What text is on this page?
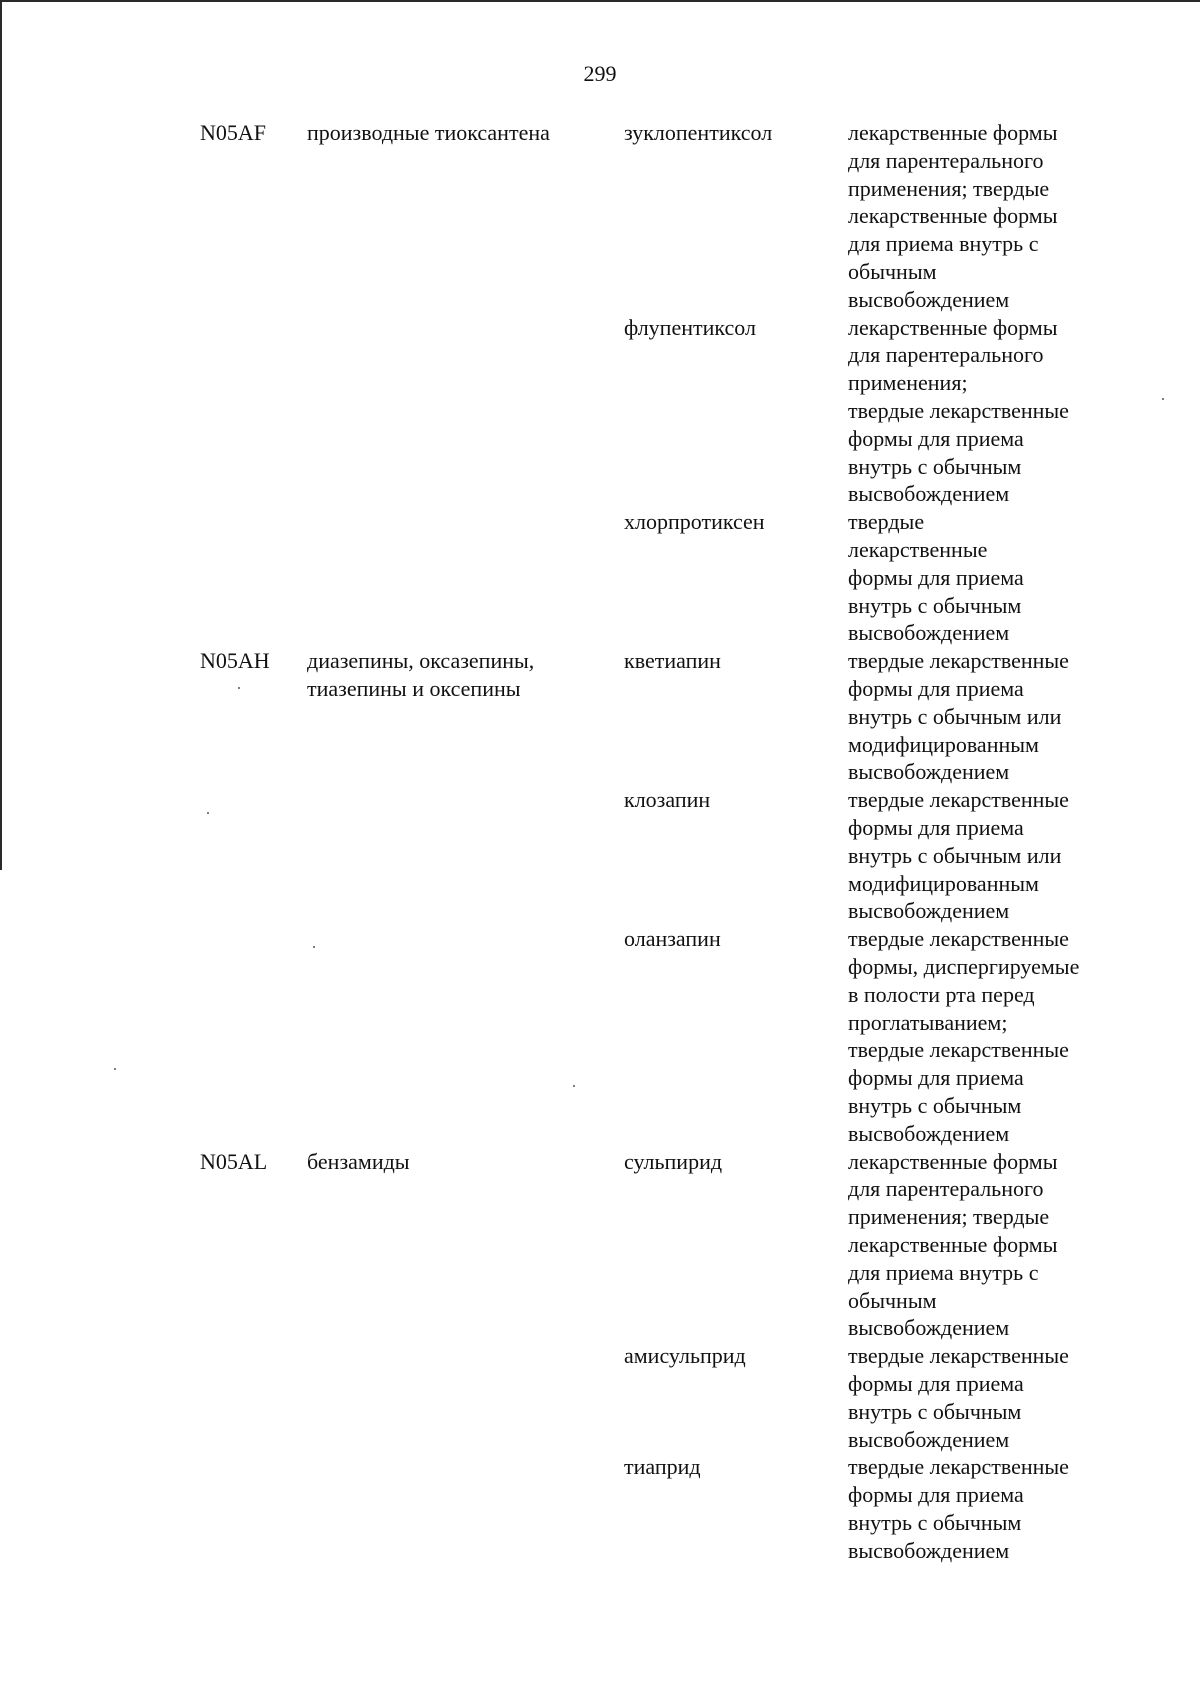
299
N05AF производные тиоксантена	зуклопентиксол	лекарственные формы
для парентерального
применения; твердые
лекарственные формы
для приема внутрь с
обычным
высвобождением
флупентиксол	лекарственные формы
для парентерального
применения;
твердые лекарственные
формы для приема
внутрь с обычным
высвобождением
хлорпротиксен	твердые
лекарственные
формы для приема
внутрь с обычным
высвобождением
N05AH диазепины, оксазепины,
тиазепины и оксепины
кветиапин	твердые лекарственные
формы для приема
внутрь с обычным или
модифицированным
высвобождением
клозапин	твердые лекарственные
формы для приема
внутрь с обычным или
модифицированным
высвобождением
оланзапин	твердые лекарственные
формы, диспергируемые
в полости рта перед
проглатыванием;
твердые лекарственные
формы для приема
внутрь с обычным
высвобождением
N05AL бензамиды	сульпирид	лекарственные формы
для парентерального
применения; твердые
лекарственные формы
для приема внутрь с
обычным
высвобождением
амисульприд	твердые лекарственные
формы для приема
внутрь с обычным
высвобождением
тиаприд	твердые лекарственные
формы для приема
внутрь с обычным
высвобождением
